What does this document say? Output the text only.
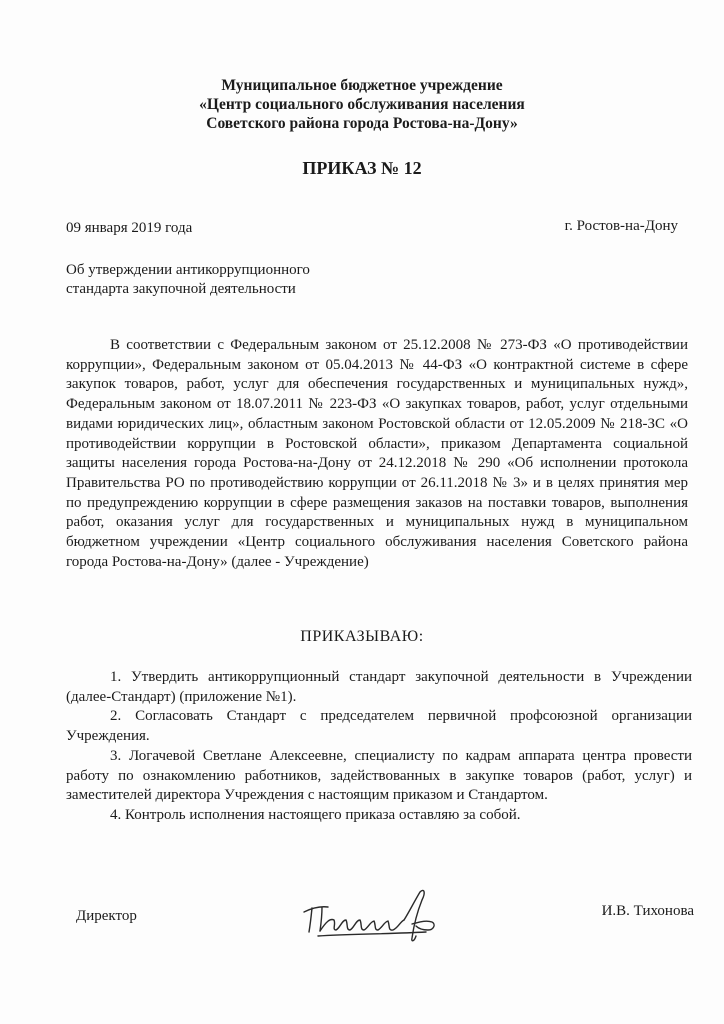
Муниципальное бюджетное учреждение
«Центр социального обслуживания населения
Советского района города Ростова-на-Дону»
ПРИКАЗ № 12
09 января 2019 года	г. Ростов-на-Дону
Об утверждении антикоррупционного
стандарта закупочной деятельности

В соответствии с Федеральным законом от 25.12.2008 № 273-ФЗ «О противодействии коррупции», Федеральным законом от 05.04.2013 № 44-ФЗ «О контрактной системе в сфере закупок товаров, работ, услуг для обеспечения государственных и муниципальных нужд», Федеральным законом от 18.07.2011 № 223-ФЗ «О закупках товаров, работ, услуг отдельными видами юридических лиц», областным законом Ростовской области от 12.05.2009 № 218-ЗС «О противодействии коррупции в Ростовской области», приказом Департамента социальной защиты населения города Ростова-на-Дону от 24.12.2018 № 290 «Об исполнении протокола Правительства РО по противодействию коррупции от 26.11.2018 № 3» и в целях принятия мер по предупреждению коррупции в сфере размещения заказов на поставки товаров, выполнения работ, оказания услуг для государственных и муниципальных нужд в муниципальном бюджетном учреждении «Центр социального обслуживания населения Советского района города Ростова-на-Дону» (далее - Учреждение)

ПРИКАЗЫВАЮ:

1. Утвердить антикоррупционный стандарт закупочной деятельности в Учреждении (далее-Стандарт) (приложение №1).

2. Согласовать Стандарт с председателем первичной профсоюзной организации Учреждения.

3. Логачевой Светлане Алексеевне, специалисту по кадрам аппарата центра провести работу по ознакомлению работников, задействованных в закупке товаров (работ, услуг) и заместителей директора Учреждения с настоящим приказом и Стандартом.

4. Контроль исполнения настоящего приказа оставляю за собой.

Директор	И.В. Тихонова
